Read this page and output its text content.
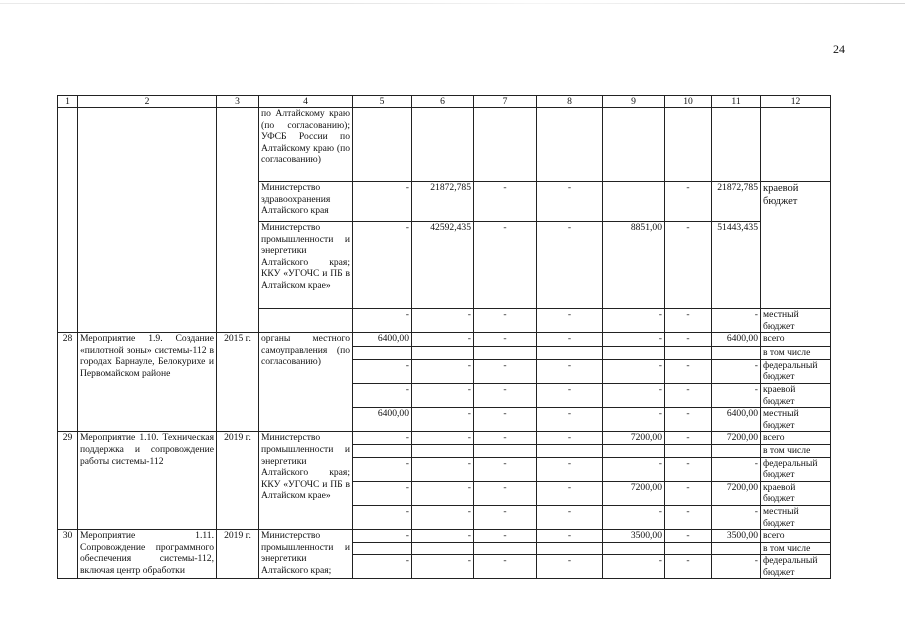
24
1	2	3	4	5	6	7	8	9	10	11	12
			по Алтайскому краю (по согласованию); УФСБ России по Алтайскому краю (по согласованию)								
			Министерство здравоохранения Алтайского края	-	21872,785	-	-		-	21872,785	краевой бюджет
			Министерство промышленности и энергетики Алтайского края; ККУ «УГОЧС и ПБ в Алтайском крае»	-	42592,435	-	-	8851,00	-	51443,435	
				-	-	-	-	-	-	-	местный бюджет
28	Мероприятие 1.9. Создание «пилотной зоны» системы-112 в городах Барнауле, Белокурихе и Первомайском районе	2015 г.	органы местного самоуправления (по согласованию)	6400,00	-	-	-	-	-	6400,00	всего
											в том числе
				-	-	-	-	-	-	-	федеральный бюджет
				-	-	-	-	-	-	-	краевой бюджет
				6400,00	-	-	-	-	-	6400,00	местный бюджет
29	Мероприятие 1.10. Техническая поддержка и сопровождение работы системы-112	2019 г.	Министерство промышленности и энергетики Алтайского края; ККУ «УГОЧС и ПБ в Алтайском крае»	-	-	-	-	7200,00	-	7200,00	всего
											в том числе
				-	-	-	-	-	-	-	федеральный бюджет
				-	-	-	-	7200,00	-	7200,00	краевой бюджет
				-	-	-	-	-	-	-	местный бюджет
30	Мероприятие 1.11. Сопровождение программного обеспечения системы-112, включая центр обработки	2019 г.	Министерство промышленности и энергетики Алтайского края;	-	-	-	-	3500,00	-	3500,00	всего
											в том числе
				-	-	-	-	-	-	-	федеральный бюджет
